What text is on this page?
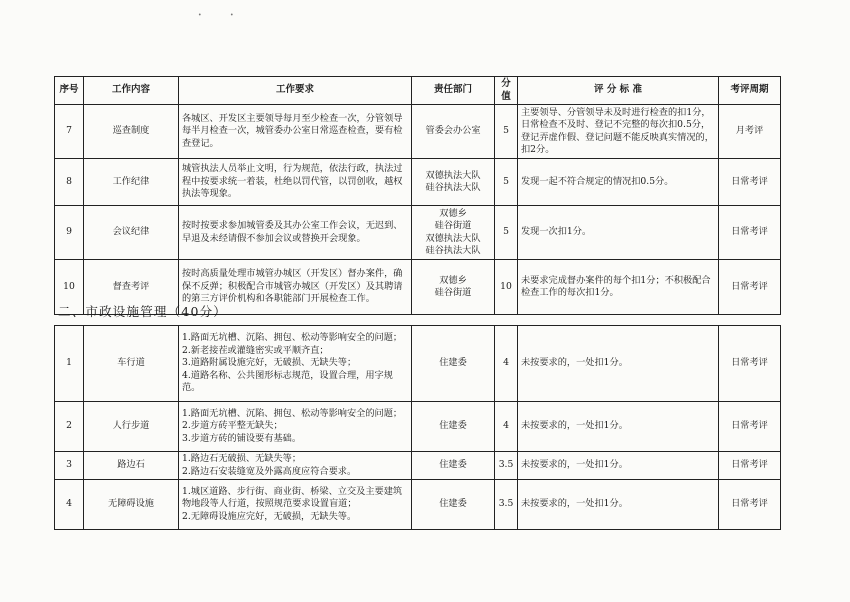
•	•
序号	工作内容	工作要求	责任部门	分值	评 分 标 准	考评周期
7	巡查制度	各城区、开发区主要领导每月至少检查一次，分管领导每半月检查一次，城管委办公室日常巡查检查，要有检查登记。	管委会办公室	5	主要领导、分管领导未及时进行检查的扣1分，日常检查不及时、登记不完整的每次扣0.5分，登记弄虚作假、登记问题不能反映真实情况的，扣2分。	月考评
8	工作纪律	城管执法人员举止文明，行为规范，依法行政，执法过程中按要求统一着装，杜绝以罚代管，以罚创收，越权执法等现象。	双德执法大队
硅谷执法大队	5	发现一起不符合规定的情况扣0.5分。	日常考评
9	会议纪律	按时按要求参加城管委及其办公室工作会议，无迟到、早退及未经请假不参加会议或替换开会现象。	双德乡
硅谷街道
双德执法大队
硅谷执法大队	5	发现一次扣1分。	日常考评
10	督查考评	按时高质量处理市城管办城区（开发区）督办案件，确保不反弹；积极配合市城管办城区（开发区）及其聘请的第三方评价机构和各职能部门开展检查工作。	双德乡
硅谷街道	10	未要求完成督办案件的每个扣1分；不积极配合检查工作的每次扣1分。	日常考评
二、市政设施管理（40分）
1	车行道	1.路面无坑槽、沉陷、拥包、松动等影响安全的问题；
2.新老接茬或灌缝密实或平顺齐直；
3.道路附属设施完好，无破损、无缺失等；
4.道路名称、公共图形标志规范，设置合理，用字规范。	住建委	4	未按要求的，一处扣1分。	日常考评
2	人行步道	1.路面无坑槽、沉陷、拥包、松动等影响安全的问题；
2.步道方砖平整无缺失；
3.步道方砖的铺设要有基础。	住建委	4	未按要求的，一处扣1分。	日常考评
3	路边石	1.路边石无破损、无缺失等；
2.路边石安装缝宽及外露高度应符合要求。	住建委	3.5	未按要求的，一处扣1分。	日常考评
4	无障碍设施	1.城区道路、步行街、商业街、桥梁、立交及主要建筑物地段等人行道，按照规范要求设置盲道；
2.无障碍设施应完好，无破损，无缺失等。	住建委	3.5	未按要求的，一处扣1分。	日常考评
